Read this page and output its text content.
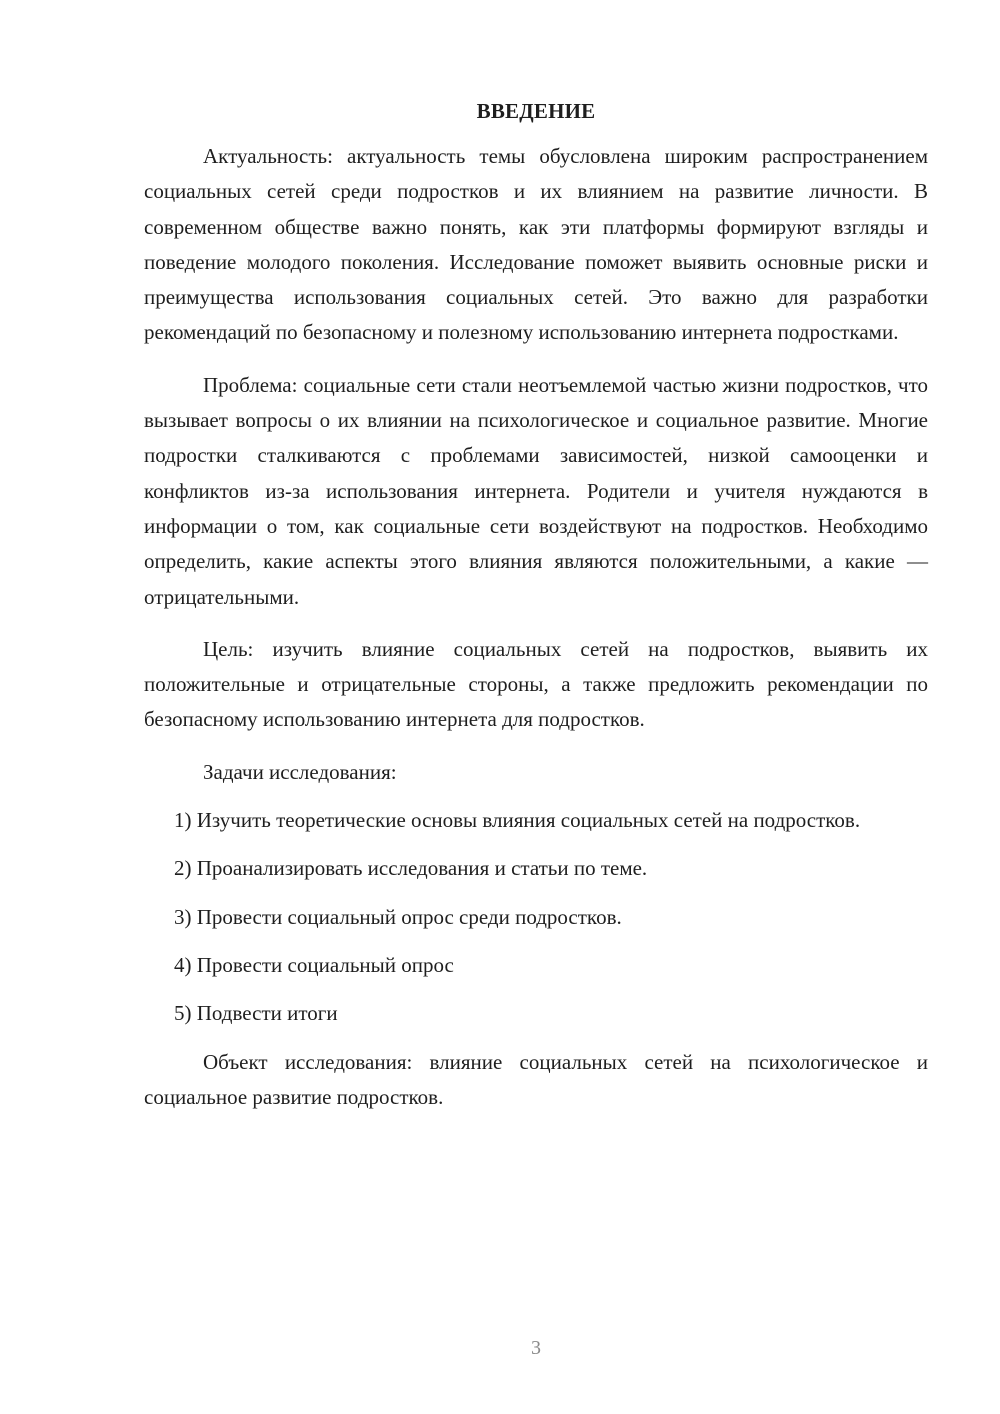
ВВЕДЕНИЕ

Актуальность: актуальность темы обусловлена широким распространением социальных сетей среди подростков и их влиянием на развитие личности. В современном обществе важно понять, как эти платформы формируют взгляды и поведение молодого поколения. Исследование поможет выявить основные риски и преимущества использования социальных сетей. Это важно для разработки рекомендаций по безопасному и полезному использованию интернета подростками.

Проблема: социальные сети стали неотъемлемой частью жизни подростков, что вызывает вопросы о их влиянии на психологическое и социальное развитие. Многие подростки сталкиваются с проблемами зависимостей, низкой самооценки и конфликтов из-за использования интернета. Родители и учителя нуждаются в информации о том, как социальные сети воздействуют на подростков. Необходимо определить, какие аспекты этого влияния являются положительными, а какие — отрицательными.

Цель: изучить влияние социальных сетей на подростков, выявить их положительные и отрицательные стороны, а также предложить рекомендации по безопасному использованию интернета для подростков.

Задачи исследования:

1) Изучить теоретические основы влияния социальных сетей на подростков.

2) Проанализировать исследования и статьи по теме.

3) Провести социальный опрос среди подростков.

4) Провести социальный опрос

5) Подвести итоги

Объект исследования: влияние социальных сетей на психологическое и социальное развитие подростков.

3
